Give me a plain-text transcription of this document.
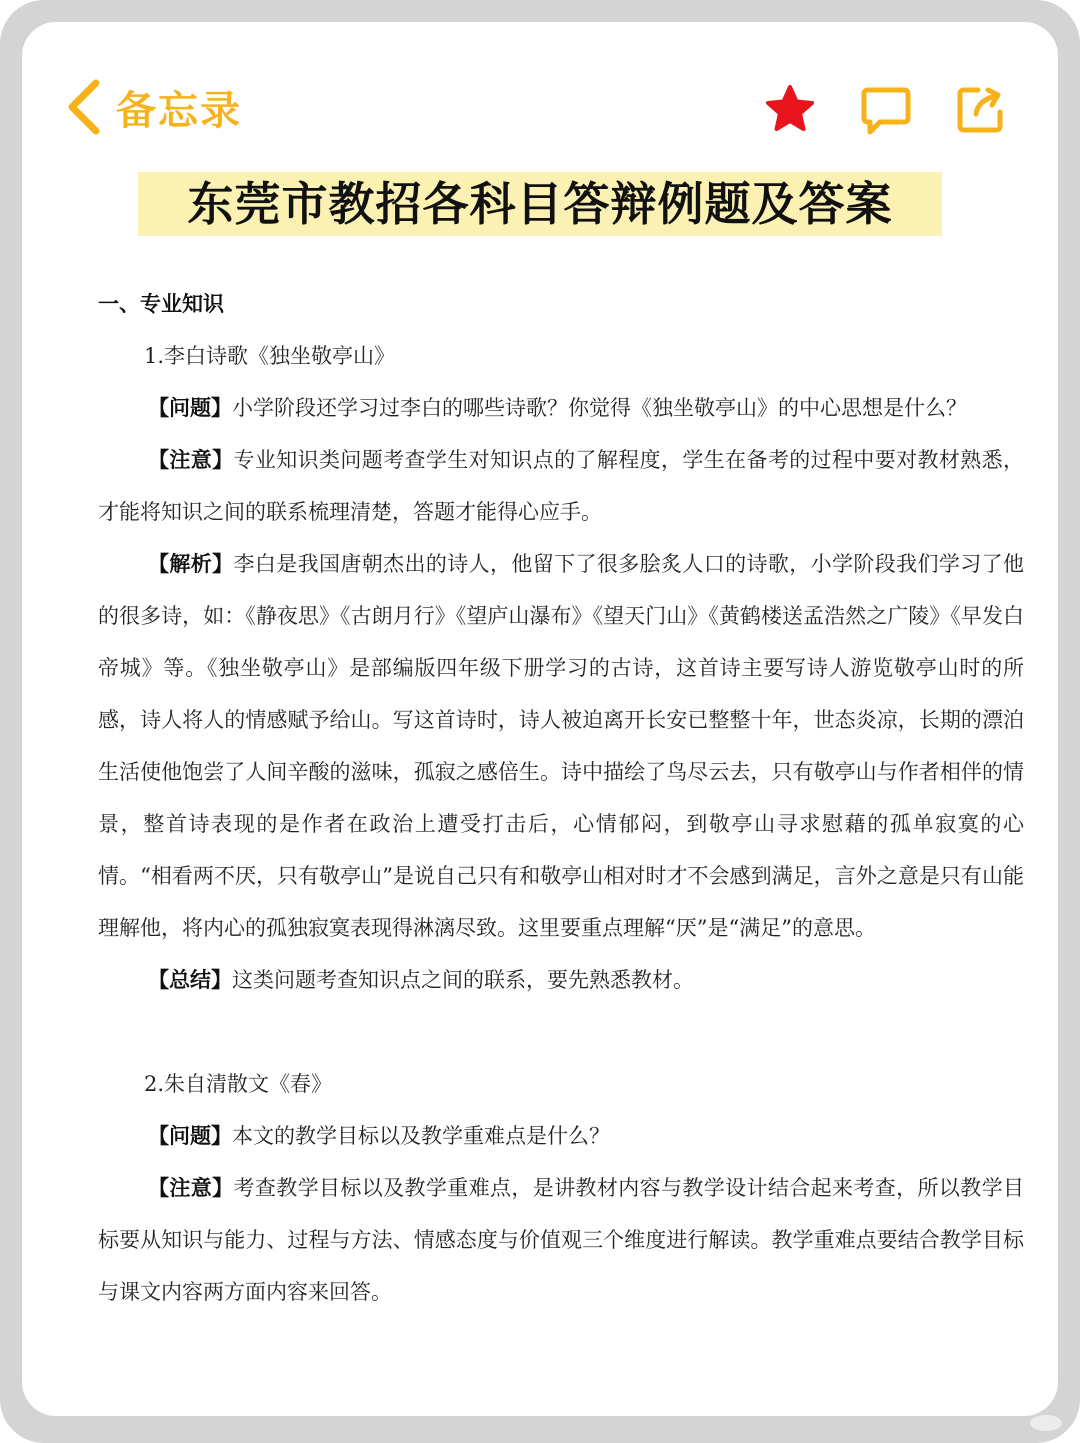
备忘录
东莞市教招各科目答辩例题及答案

一、专业知识

1.李白诗歌《独坐敬亭山》

【问题】小学阶段还学习过李白的哪些诗歌？你觉得《独坐敬亭山》的中心思想是什么？

【注意】专业知识类问题考查学生对知识点的了解程度，学生在备考的过程中要对教材熟悉，才能将知识之间的联系梳理清楚，答题才能得心应手。

【解析】李白是我国唐朝杰出的诗人，他留下了很多脍炙人口的诗歌，小学阶段我们学习了他的很多诗，如：《静夜思》《古朗月行》《望庐山瀑布》《望天门山》《黄鹤楼送孟浩然之广陵》《早发白帝城》等。《独坐敬亭山》是部编版四年级下册学习的古诗，这首诗主要写诗人游览敬亭山时的所感，诗人将人的情感赋予给山。写这首诗时，诗人被迫离开长安已整整十年，世态炎凉，长期的漂泊生活使他饱尝了人间辛酸的滋味，孤寂之感倍生。诗中描绘了鸟尽云去，只有敬亭山与作者相伴的情景，整首诗表现的是作者在政治上遭受打击后，心情郁闷，到敬亭山寻求慰藉的孤单寂寞的心情。“相看两不厌，只有敬亭山”是说自己只有和敬亭山相对时才不会感到满足，言外之意是只有山能理解他，将内心的孤独寂寞表现得淋漓尽致。这里要重点理解“厌”是“满足”的意思。

【总结】这类问题考查知识点之间的联系，要先熟悉教材。

2.朱自清散文《春》

【问题】本文的教学目标以及教学重难点是什么？

【注意】考查教学目标以及教学重难点，是讲教材内容与教学设计结合起来考查，所以教学目标要从知识与能力、过程与方法、情感态度与价值观三个维度进行解读。教学重难点要结合教学目标与课文内容两方面内容来回答。
